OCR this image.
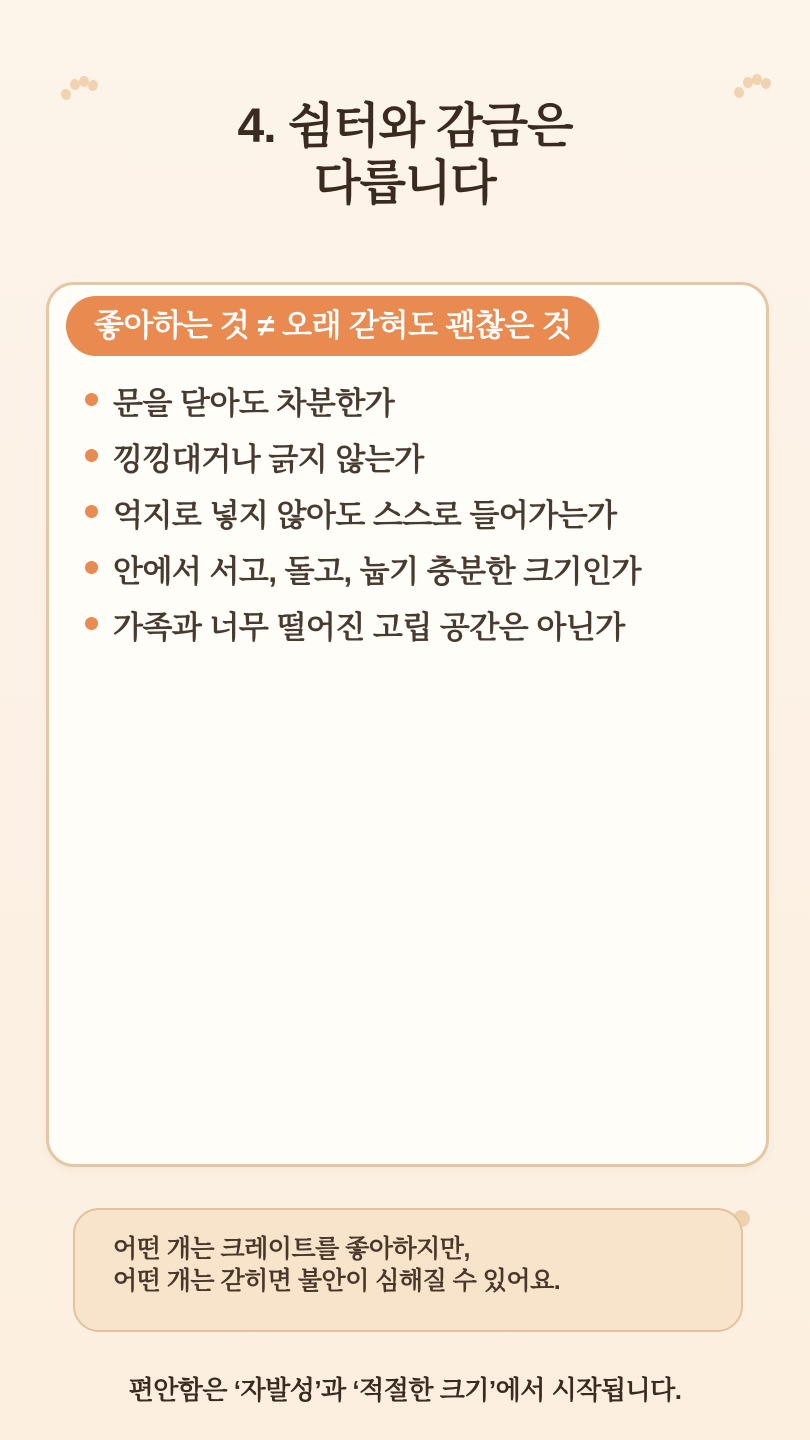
4. 쉼터와 감금은
다릅니다
좋아하는 것 ≠ 오래 갇혀도 괜찮은 것
문을 닫아도 차분한가
낑낑대거나 긁지 않는가
억지로 넣지 않아도 스스로 들어가는가
안에서 서고, 돌고, 눕기 충분한 크기인가
가족과 너무 떨어진 고립 공간은 아닌가
어떤 개는 크레이트를 좋아하지만,
어떤 개는 갇히면 불안이 심해질 수 있어요.
편안함은 ‘자발성’과 ‘적절한 크기’에서 시작됩니다.
